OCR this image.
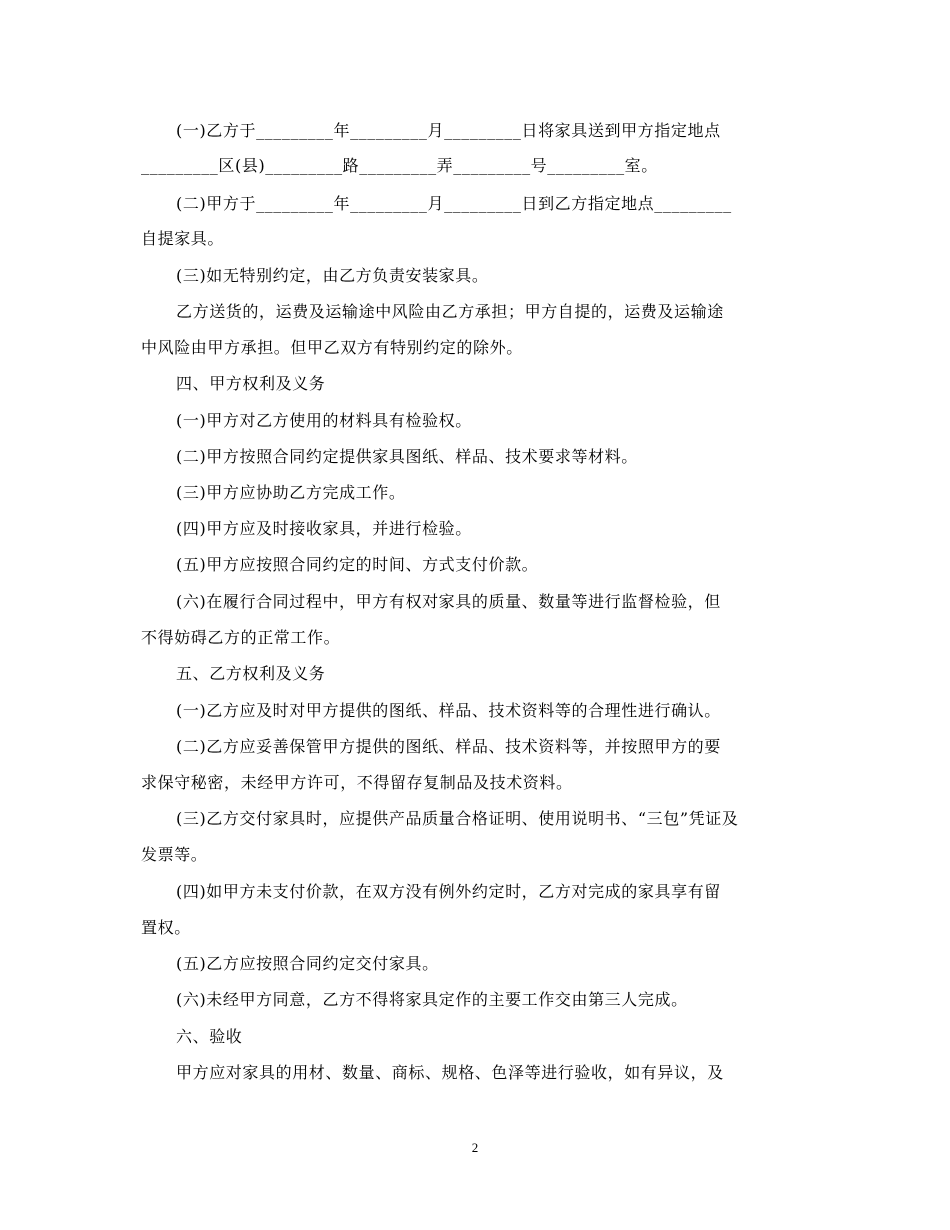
(一)乙方于_________年_________月_________日将家具送到甲方指定地点
_________区(县)_________路_________弄_________号_________室。
(二)甲方于_________年_________月_________日到乙方指定地点_________
自提家具。
(三)如无特别约定，由乙方负责安装家具。
乙方送货的，运费及运输途中风险由乙方承担；甲方自提的，运费及运输途
中风险由甲方承担。但甲乙双方有特别约定的除外。
四、甲方权利及义务
(一)甲方对乙方使用的材料具有检验权。
(二)甲方按照合同约定提供家具图纸、样品、技术要求等材料。
(三)甲方应协助乙方完成工作。
(四)甲方应及时接收家具，并进行检验。
(五)甲方应按照合同约定的时间、方式支付价款。
(六)在履行合同过程中，甲方有权对家具的质量、数量等进行监督检验，但
不得妨碍乙方的正常工作。
五、乙方权利及义务
(一)乙方应及时对甲方提供的图纸、样品、技术资料等的合理性进行确认。
(二)乙方应妥善保管甲方提供的图纸、样品、技术资料等，并按照甲方的要
求保守秘密，未经甲方许可，不得留存复制品及技术资料。
(三)乙方交付家具时，应提供产品质量合格证明、使用说明书、“三包”凭证及
发票等。
(四)如甲方未支付价款，在双方没有例外约定时，乙方对完成的家具享有留
置权。
(五)乙方应按照合同约定交付家具。
(六)未经甲方同意，乙方不得将家具定作的主要工作交由第三人完成。
六、验收
甲方应对家具的用材、数量、商标、规格、色泽等进行验收，如有异议，及
2
